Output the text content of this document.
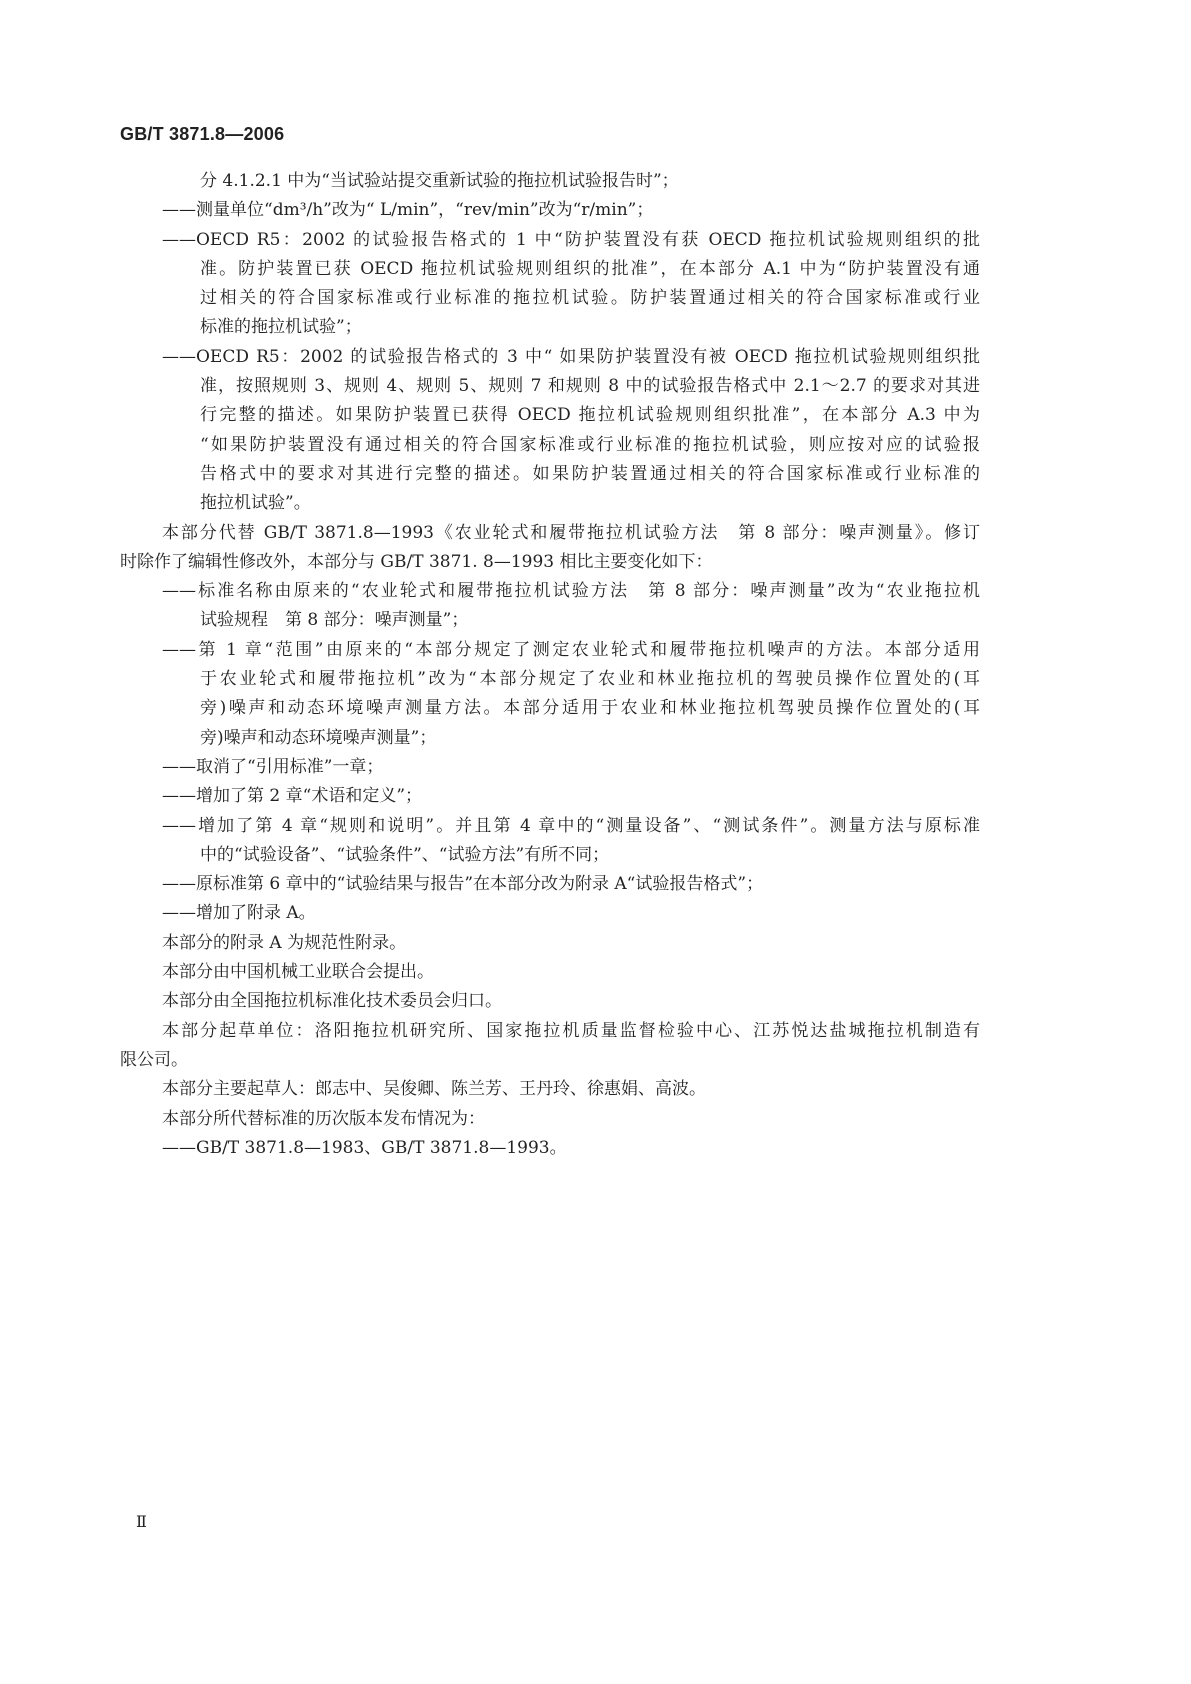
GB/T 3871.8—2006
分 4.1.2.1 中为“当试验站提交重新试验的拖拉机试验报告时”；
——测量单位“dm³/h”改为“ L/min”，“rev/min”改为“r/min”；
——OECD R5：2002 的试验报告格式的 1 中“防护装置没有获 OECD 拖拉机试验规则组织的批
准。防护装置已获 OECD 拖拉机试验规则组织的批准”，在本部分 A.1 中为“防护装置没有通
过相关的符合国家标准或行业标准的拖拉机试验。防护装置通过相关的符合国家标准或行业
标准的拖拉机试验”；
——OECD R5：2002 的试验报告格式的 3 中“ 如果防护装置没有被 OECD 拖拉机试验规则组织批
准，按照规则 3、规则 4、规则 5、规则 7 和规则 8 中的试验报告格式中 2.1～2.7 的要求对其进
行完整的描述。如果防护装置已获得 OECD 拖拉机试验规则组织批准”，在本部分 A.3 中为
“如果防护装置没有通过相关的符合国家标准或行业标准的拖拉机试验，则应按对应的试验报
告格式中的要求对其进行完整的描述。如果防护装置通过相关的符合国家标准或行业标准的
拖拉机试验”。
本部分代替 GB/T 3871.8—1993《农业轮式和履带拖拉机试验方法　第 8 部分：噪声测量》。修订
时除作了编辑性修改外，本部分与 GB/T 3871. 8—1993 相比主要变化如下：
——标准名称由原来的“农业轮式和履带拖拉机试验方法　第 8 部分：噪声测量”改为“农业拖拉机
试验规程　第 8 部分：噪声测量”；
——第 1 章“范围”由原来的“本部分规定了测定农业轮式和履带拖拉机噪声的方法。本部分适用
于农业轮式和履带拖拉机”改为“本部分规定了农业和林业拖拉机的驾驶员操作位置处的(耳
旁)噪声和动态环境噪声测量方法。本部分适用于农业和林业拖拉机驾驶员操作位置处的(耳
旁)噪声和动态环境噪声测量”；
——取消了“引用标准”一章；
——增加了第 2 章“术语和定义”；
——增加了第 4 章“规则和说明”。并且第 4 章中的“测量设备”、“测试条件”。测量方法与原标准
中的“试验设备”、“试验条件”、“试验方法”有所不同；
——原标准第 6 章中的“试验结果与报告”在本部分改为附录 A“试验报告格式”；
——增加了附录 A。
本部分的附录 A 为规范性附录。
本部分由中国机械工业联合会提出。
本部分由全国拖拉机标准化技术委员会归口。
本部分起草单位：洛阳拖拉机研究所、国家拖拉机质量监督检验中心、江苏悦达盐城拖拉机制造有
限公司。
本部分主要起草人：郎志中、吴俊卿、陈兰芳、王丹玲、徐惠娟、高波。
本部分所代替标准的历次版本发布情况为：
——GB/T 3871.8—1983、GB/T 3871.8—1993。
Ⅱ
